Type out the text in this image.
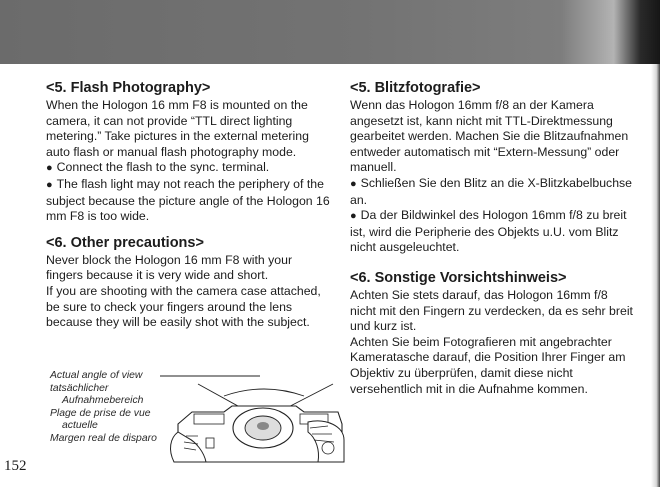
<5. Flash Photography>

When the Hologon 16 mm F8 is mounted on the camera, it can not provide “TTL direct lighting metering.” Take pictures in the external metering auto flash or manual flash photography mode.

● Connect the flash to the sync. terminal.

● The flash light may not reach the periphery of the subject because the picture angle of the Hologon 16 mm F8 is too wide.

<6. Other precautions>

Never block the Hologon 16 mm F8 with your fingers because it is very wide and short.

If you are shooting with the camera case attached, be sure to check your fingers around the lens because they will be easily shot with the subject.

<5. Blitzfotografie>

Wenn das Hologon 16mm f/8 an der Kamera angesetzt ist, kann nicht mit TTL-Direktmessung gearbeitet werden. Machen Sie die Blitzaufnahmen entweder automatisch mit “Extern-Messung” oder manuell.

● Schließen Sie den Blitz an die X-Blitzkabelbuchse an.

● Da der Bildwinkel des Hologon 16mm f/8 zu breit ist, wird die Peripherie des Objekts u.U. vom Blitz nicht ausgeleuchtet.

<6. Sonstige Vorsichtshinweis>

Achten Sie stets darauf, das Hologon 16mm f/8 nicht mit den Fingern zu verdecken, da es sehr breit und kurz ist.

Achten Sie beim Fotografieren mit angebrachter Kameratasche darauf, die Position Ihrer Finger am Objektiv zu überprüfen, damit diese nicht versehentlich mit in die Aufnahme kommen.

Actual angle of view
tatsächlicher
Aufnahmebereich
Plage de prise de vue
actuelle
Margen real de disparo
152
